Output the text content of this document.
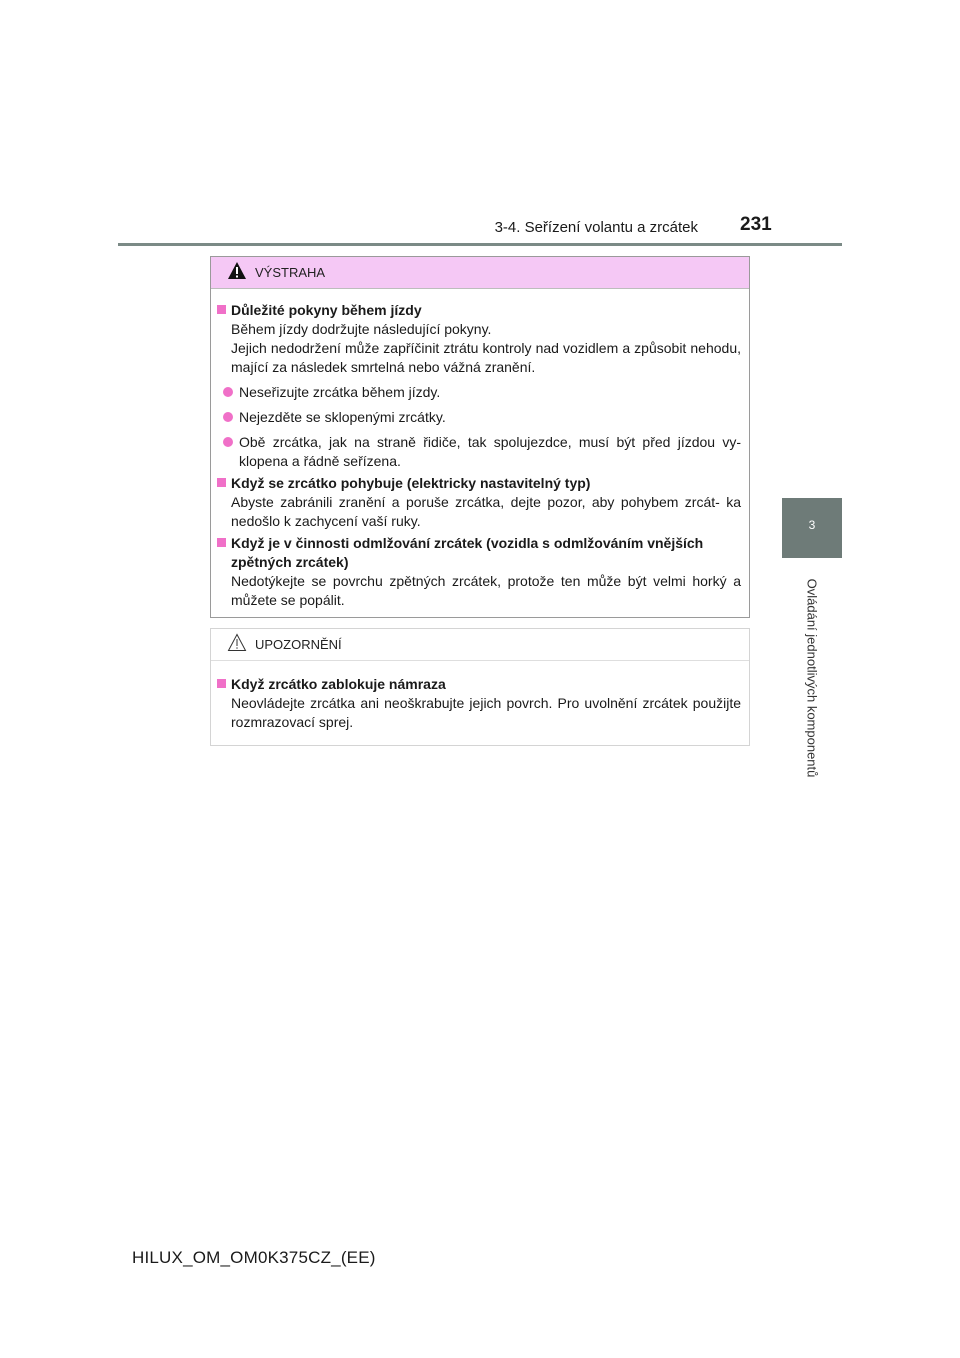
3-4. Seřízení volantu a zrcátek 231
3
Ovládání jednotlivých komponentů
VÝSTRAHA
Důležité pokyny během jízdy
Během jízdy dodržujte následující pokyny.
Jejich nedodržení může zapříčinit ztrátu kontroly nad vozidlem a způsobit nehodu, mající za následek smrtelná nebo vážná zranění.
Neseřizujte zrcátka během jízdy.
Nejezděte se sklopenými zrcátky.
Obě zrcátka, jak na straně řidiče, tak spolujezdce, musí být před jízdou vy- klopena a řádně seřízena.
Když se zrcátko pohybuje (elektricky nastavitelný typ)
Abyste zabránili zranění a poruše zrcátka, dejte pozor, aby pohybem zrcát- ka nedošlo k zachycení vaší ruky.
Když je v činnosti odmlžování zrcátek (vozidla s odmlžováním vnějších zpětných zrcátek)
Nedotýkejte se povrchu zpětných zrcátek, protože ten může být velmi horký a můžete se popálit.
UPOZORNĚNÍ
Když zrcátko zablokuje námraza
Neovládejte zrcátka ani neoškrabujte jejich povrch. Pro uvolnění zrcátek použijte rozmrazovací sprej.
HILUX_OM_OM0K375CZ_(EE)
